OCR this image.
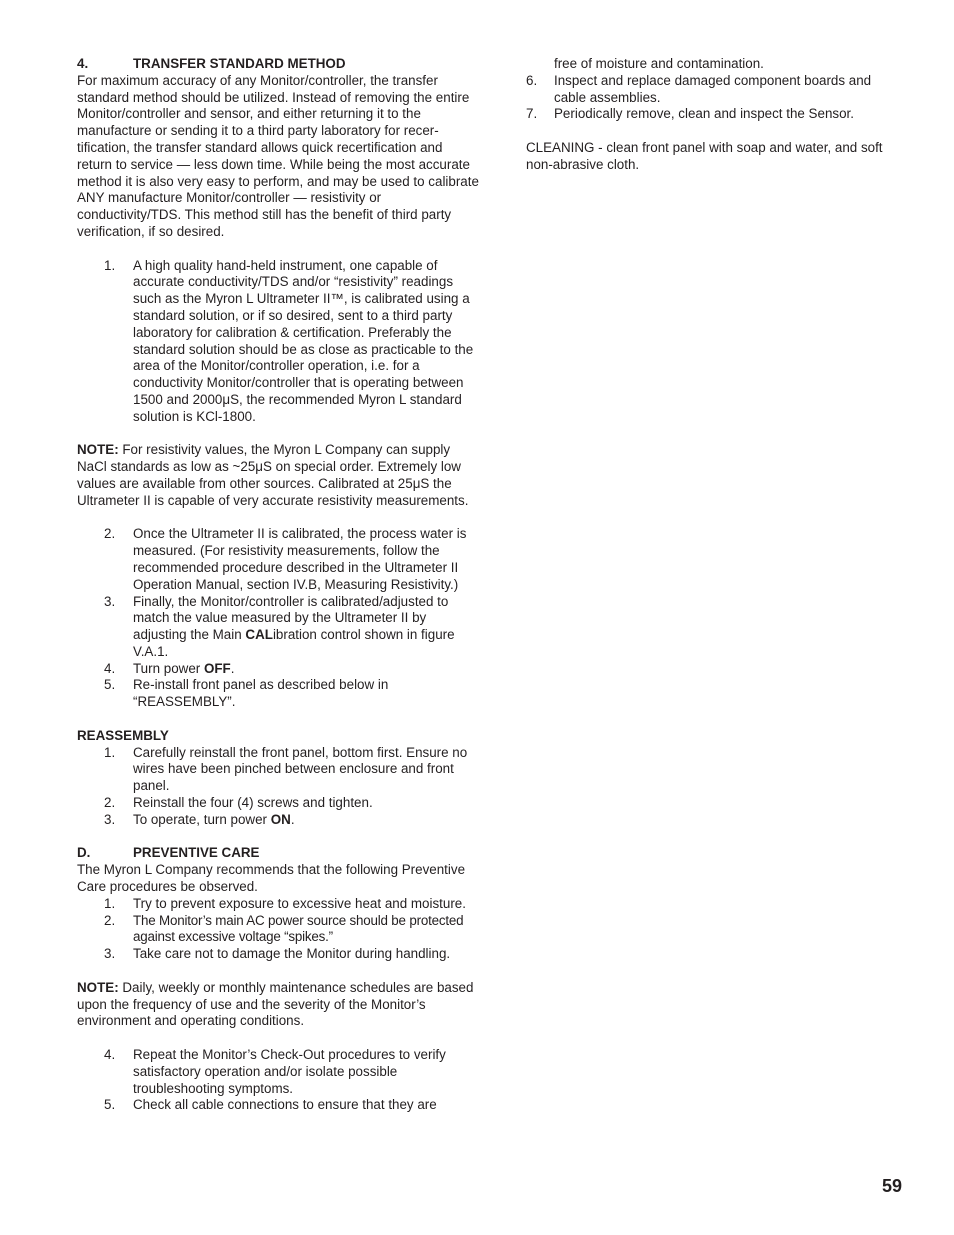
4.	TRANSFER STANDARD METHOD

For maximum accuracy of any Monitor/controller, the transfer standard method should be utilized. Instead of removing the entire Monitor/controller and sensor, and either returning it to the manufacture or sending it to a third party laboratory for recertification, the transfer standard allows quick recertification and return to service — less down time. While being the most accurate method it is also very easy to perform, and may be used to calibrate ANY manufacture Monitor/controller — resistivity or conductivity/TDS. This method still has the benefit of third party verification, if so desired.

1. A high quality hand-held instrument, one capable of accurate conductivity/TDS and/or “resistivity” readings such as the Myron L Ultrameter II™, is calibrated using a standard solution, or if so desired, sent to a third party laboratory for calibration & certification. Preferably the standard solution should be as close as practicable to the area of the Monitor/controller operation, i.e. for a conductivity Monitor/controller that is operating between 1500 and 2000μS, the recommended Myron L standard solution is KCl-1800.

NOTE: For resistivity values, the Myron L Company can supply NaCl standards as low as ~25μS on special order. Extremely low values are available from other sources. Calibrated at 25μS the Ultrameter II is capable of very accurate resistivity measurements.

2. Once the Ultrameter II is calibrated, the process water is measured. (For resistivity measurements, follow the recommended procedure described in the Ultrameter II Operation Manual, section IV.B, Measuring Resistivity.)
3. Finally, the Monitor/controller is calibrated/adjusted to match the value measured by the Ultrameter II by adjusting the Main CALibration control shown in figure V.A.1.
4. Turn power OFF.
5. Re-install front panel as described below in “REASSEMBLY”.

REASSEMBLY

1. Carefully reinstall the front panel, bottom first. Ensure no wires have been pinched between enclosure and front panel.
2. Reinstall the four (4) screws and tighten.
3. To operate, turn power ON.

D.	PREVENTIVE CARE

The Myron L Company recommends that the following Preventive Care procedures be observed.

1. Try to prevent exposure to excessive heat and moisture.
2. The Monitor’s main AC power source should be protected against excessive voltage “spikes.”
3. Take care not to damage the Monitor during handling.

NOTE: Daily, weekly or monthly maintenance schedules are based upon the frequency of use and the severity of the Monitor’s environment and operating conditions.

4. Repeat the Monitor’s Check-Out procedures to verify satisfactory operation and/or isolate possible troubleshooting symptoms.
5. Check all cable connections to ensure that they are

free of moisture and contamination.

6. Inspect and replace damaged component boards and cable assemblies.
7. Periodically remove, clean and inspect the Sensor.

CLEANING - clean front panel with soap and water, and soft non-abrasive cloth.

59
